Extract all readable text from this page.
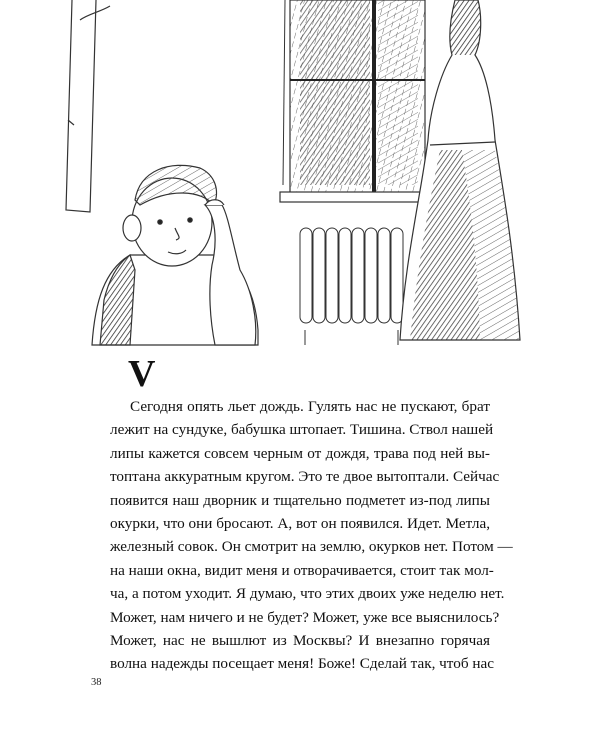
V
Сегодня опять льет дождь. Гулять нас не пускают, брат
лежит на сундуке, бабушка штопает. Тишина. Ствол нашей
липы кажется совсем черным от дождя, трава под ней вы-
топтана аккуратным кругом. Это те двое вытоптали. Сейчас
появится наш дворник и тщательно подметет из-под липы
окурки, что они бросают. А, вот он появился. Идет. Метла,
железный совок. Он смотрит на землю, окурков нет. Потом —
на наши окна, видит меня и отворачивается, стоит так мол-
ча, а потом уходит. Я думаю, что этих двоих уже неделю нет.
Может, нам ничего и не будет? Может, уже все выяснилось?
Может, нас не вышлют из Москвы? И внезапно горячая
волна надежды посещает меня! Боже! Сделай так, чтоб нас
38
